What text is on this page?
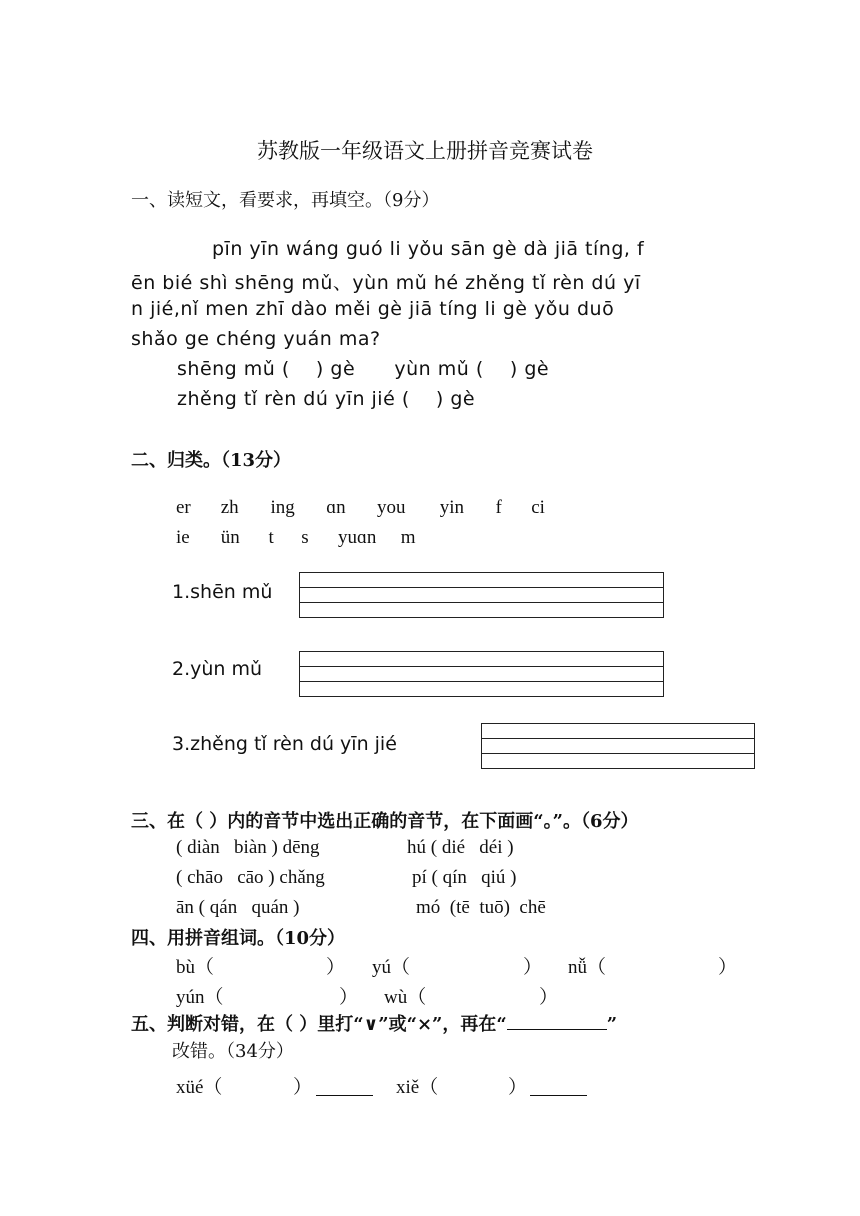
苏教版一年级语文上册拼音竞赛试卷
一、读短文，看要求，再填空。（9分）
pīn yīn wáng guó li yǒu sān gè dà jiā tíng, f
ēn bié shì shēng mǔ、yùn mǔ hé zhěng tǐ rèn dú yī
n jié,nǐ men zhī dào měi gè jiā tíng li gè yǒu duō
shǎo ge chéng yuán ma?
shēng mǔ (    ) gè      yùn mǔ (    ) gè
zhěng tǐ rèn dú yīn jié (    ) gè
二、归类。（13分）
er zh ing ɑn you yin f ci
ie ün t s yuɑn m
1.shēn mǔ
2.yùn mǔ
3.zhěng tǐ rèn dú yīn jié
三、在（ ）内的音节中选出正确的音节，在下面画“。”。（6分）
( diàn   biàn ) dēng	hú ( dié   déi )
( chāo   cāo ) chǎng	pí ( qín   qiú )
ān ( qán   quán )	mó  (tē  tuō)  chē
四、用拼音组词。（10分）
bù（	） yú（	） nǚ（	）
yún（	） wù（	）
五、判断对错，在（ ）里打“∨”或“×”，再在“	”
改错。（34分）
xüé（	）	xiě（	）
